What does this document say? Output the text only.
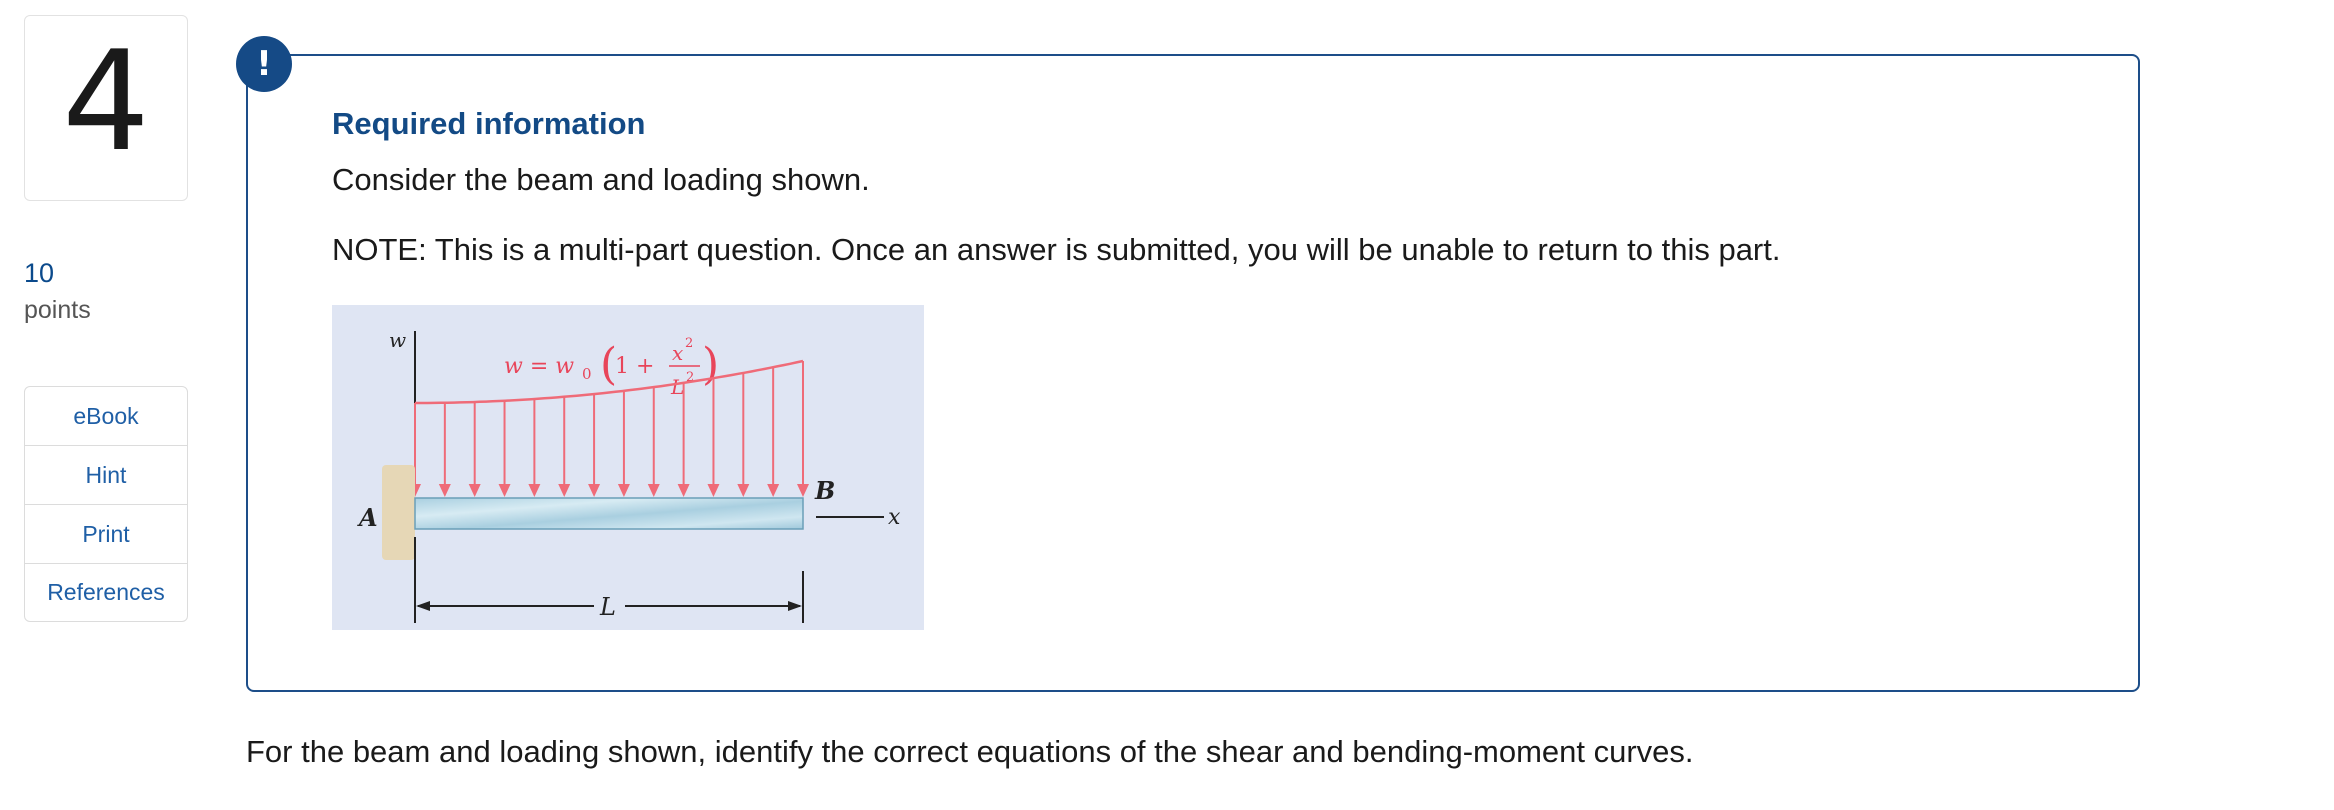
4
10
points
eBook
Hint
Print
References
!
Required information
Consider the beam and loading shown.
NOTE: This is a multi-part question. Once an answer is submitted, you will be unable to return to this part.
w
w = w 0 (
1 +
x 2
L 2 )
A
B
x
L
For the beam and loading shown, identify the correct equations of the shear and bending-moment curves.
